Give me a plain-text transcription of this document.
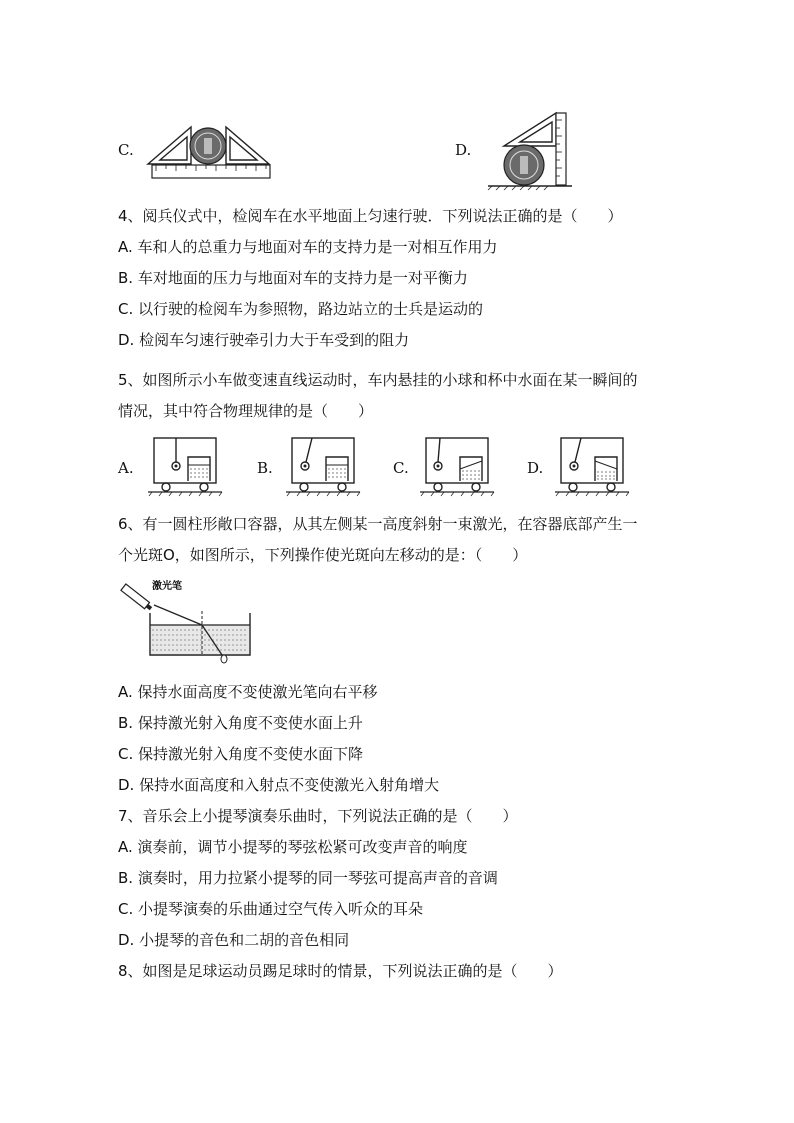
C.	D.
4、阅兵仪式中，检阅车在水平地面上匀速行驶．下列说法正确的是（　　）
A. 车和人的总重力与地面对车的支持力是一对相互作用力
B. 车对地面的压力与地面对车的支持力是一对平衡力
C. 以行驶的检阅车为参照物，路边站立的士兵是运动的
D. 检阅车匀速行驶牵引力大于车受到的阻力
5、如图所示小车做变速直线运动时，车内悬挂的小球和杯中水面在某一瞬间的
情况，其中符合物理规律的是（　　）
A.	B.	C.	D.
6、有一圆柱形敞口容器，从其左侧某一高度斜射一束激光，在容器底部产生一
个光斑O，如图所示，下列操作使光斑向左移动的是：（　　）
激光笔
A. 保持水面高度不变使激光笔向右平移
B. 保持激光射入角度不变使水面上升
C. 保持激光射入角度不变使水面下降
D. 保持水面高度和入射点不变使激光入射角增大
7、音乐会上小提琴演奏乐曲时，下列说法正确的是（　　）
A. 演奏前，调节小提琴的琴弦松紧可改变声音的响度
B. 演奏时，用力拉紧小提琴的同一琴弦可提高声音的音调
C. 小提琴演奏的乐曲通过空气传入听众的耳朵
D. 小提琴的音色和二胡的音色相同
8、如图是足球运动员踢足球时的情景，下列说法正确的是（　　）
